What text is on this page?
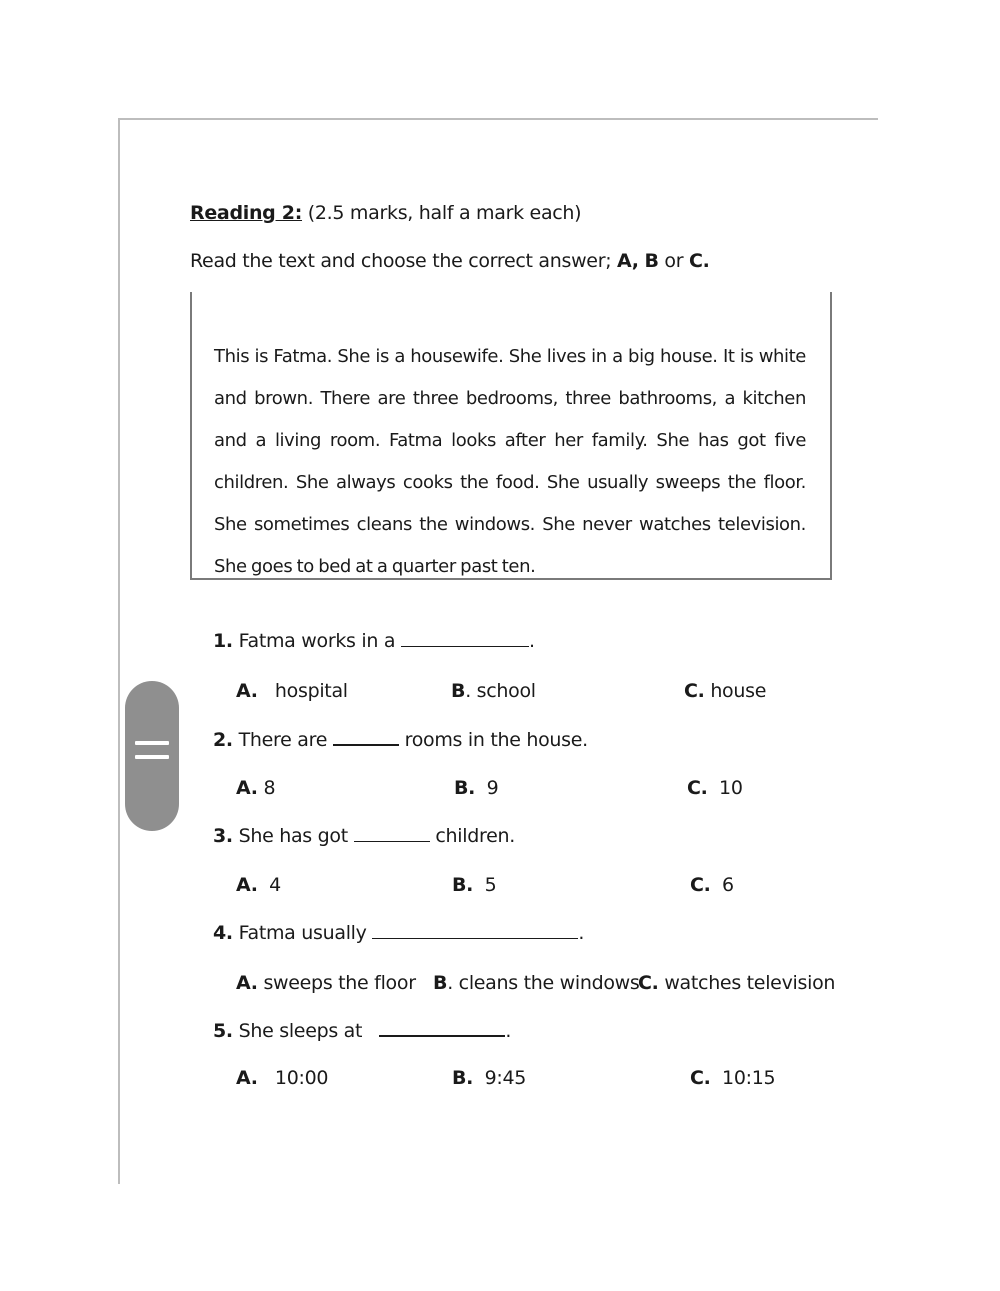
Reading 2: (2.5 marks, half a mark each)
Read the text and choose the correct answer; A, B or C.
This is Fatma. She is a housewife. She lives in a big house. It is white and brown. There are three bedrooms, three bathrooms, a kitchen and a living room. Fatma looks after her family. She has got five children. She always cooks the food. She usually sweeps the floor. She sometimes cleans the windows. She never watches television. She goes to bed at a quarter past ten.
1. Fatma works in a	.
A. hospital	B. school	C. house
2. There are	rooms in the house.
A. 8	B. 9	C. 10
3. She has got	children.
A. 4	B. 5	C. 6
4. Fatma usually	.
A. sweeps the floor B. cleans the windows
C. watches television
5. She sleeps at	.
A. 10:00	B. 9:45	C. 10:15
